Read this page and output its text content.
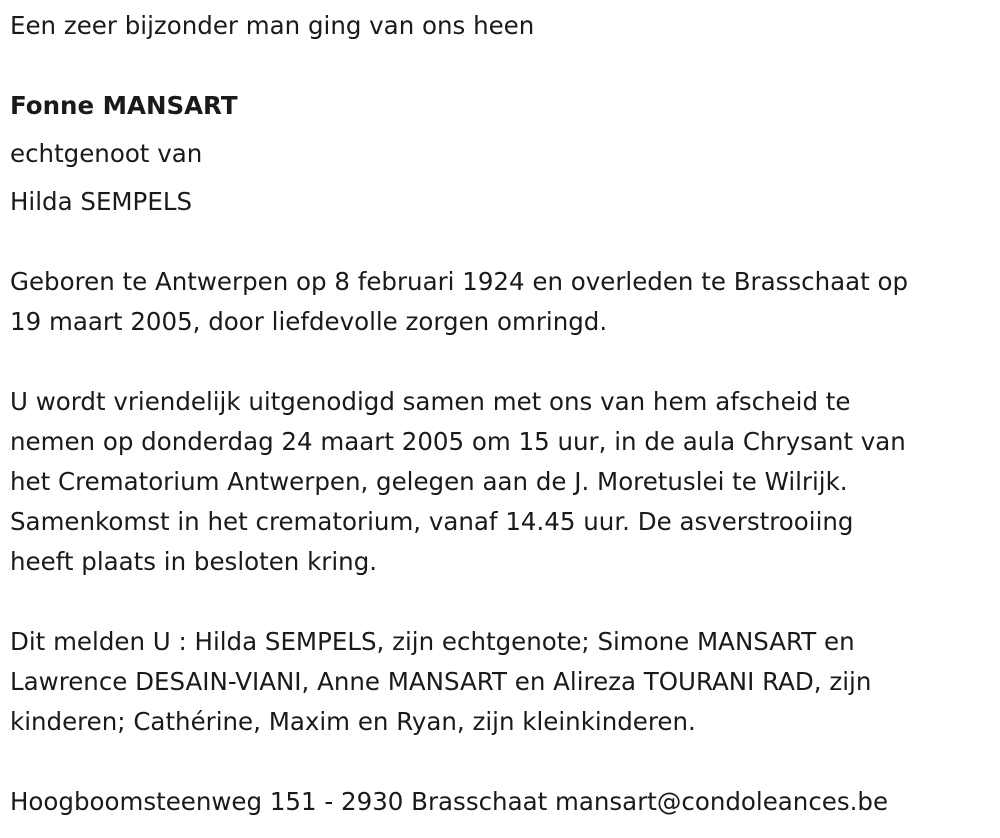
Een zeer bijzonder man ging van ons heen
Fonne MANSART
echtgenoot van
Hilda SEMPELS
Geboren te Antwerpen op 8 februari 1924 en overleden te Brasschaat op
19 maart 2005, door liefdevolle zorgen omringd.
U wordt vriendelijk uitgenodigd samen met ons van hem afscheid te
nemen op donderdag 24 maart 2005 om 15 uur, in de aula Chrysant van
het Crematorium Antwerpen, gelegen aan de J. Moretuslei te Wilrijk.
Samenkomst in het crematorium, vanaf 14.45 uur. De asverstrooiing
heeft plaats in besloten kring.
Dit melden U : Hilda SEMPELS, zijn echtgenote; Simone MANSART en
Lawrence DESAIN-VIANI, Anne MANSART en Alireza TOURANI RAD, zijn
kinderen; Cathérine, Maxim en Ryan, zijn kleinkinderen.
Hoogboomsteenweg 151 - 2930 Brasschaat mansart@condoleances.be
